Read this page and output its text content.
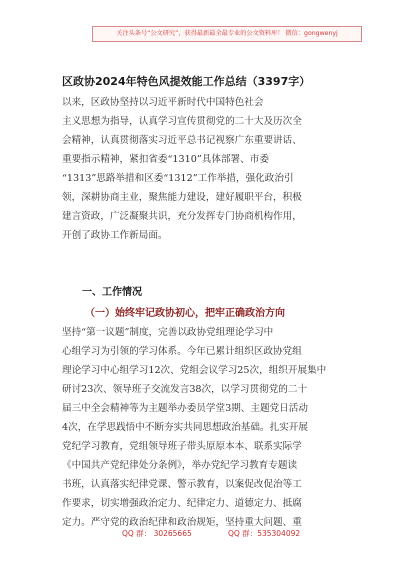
关注头条号“公文研究”，获得最新最全最专业的公文资料库！ 微信：gongwenyj
区政协2024年特色风提效能工作总结（3397字）
以来，区政协坚持以习近平新时代中国特色社会
主义思想为指导，认真学习宣传贯彻党的二十大及历次全
会精神，认真贯彻落实习近平总书记视察广东重要讲话、
重要指示精神，紧扣省委“1310”具体部署、市委
“1313”思路举措和区委“1312”工作举措，强化政治引
领，深耕协商主业，聚焦能力建设，建好履职平台，积极
建言资政，广泛凝聚共识，充分发挥专门协商机构作用，
开创了政协工作新局面。
一、工作情况
（一）始终牢记政协初心，把牢正确政治方向
坚持“第一议题”制度，完善以政协党组理论学习中
心组学习为引领的学习体系。今年已累计组织区政协党组
理论学习中心组学习12次、党组会议学习25次，组织开展集中
研讨23次、领导班子交流发言38次，以学习贯彻党的二十
届三中全会精神等为主题举办委员学堂3期、主题党日活动
4次，在学思践悟中不断夯实共同思想政治基础。扎实开展
党纪学习教育，党组领导班子带头原原本本、联系实际学
《中国共产党纪律处分条例》，举办党纪学习教育专题读
书班，认真落实纪律党课、警示教育，以案促改促治等工
作要求，切实增强政治定力、纪律定力、道德定力、抵腐
定力。严守党的政治纪律和政治规矩，坚持重大问题、重
QQ 群： 30265665	QQ 群：535304092
